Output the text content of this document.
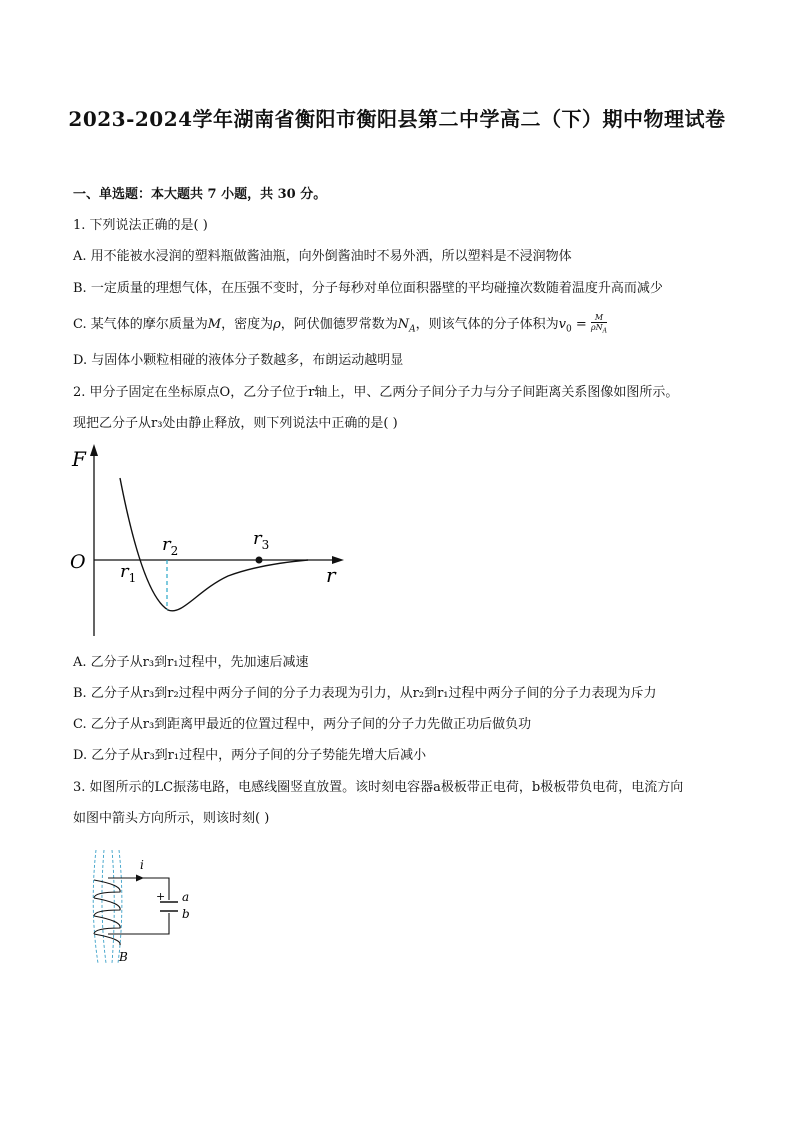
2023-2024学年湖南省衡阳市衡阳县第二中学高二（下）期中物理试卷
一、单选题：本大题共 7 小题，共 30 分。
1. 下列说法正确的是( )
A. 用不能被水浸润的塑料瓶做酱油瓶，向外倒酱油时不易外洒，所以塑料是不浸润物体
B. 一定质量的理想气体，在压强不变时，分子每秒对单位面积器壁的平均碰撞次数随着温度升高而减少
C. 某气体的摩尔质量为M，密度为ρ，阿伏伽德罗常数为$N_A$，则该气体的分子体积为$v_0 = \frac{M}{\rho N_A}$
D. 与固体小颗粒相碰的液体分子数越多，布朗运动越明显
2. 甲分子固定在坐标原点O，乙分子位于r轴上，甲、乙两分子间分子力与分子间距离关系图像如图所示。
现把乙分子从r₃处由静止释放，则下列说法中正确的是( )
F
O
r
$r_1$
$r_2$
$r_3$
A. 乙分子从r₃到r₁过程中，先加速后减速
B. 乙分子从r₃到r₂过程中两分子间的分子力表现为引力，从r₂到r₁过程中两分子间的分子力表现为斥力
C. 乙分子从r₃到距离甲最近的位置过程中，两分子间的分子力先做正功后做负功
D. 乙分子从r₃到r₁过程中，两分子间的分子势能先增大后减小
3. 如图所示的LC振荡电路，电感线圈竖直放置。该时刻电容器a极板带正电荷，b极板带负电荷，电流方向
如图中箭头方向所示，则该时刻( )
i
+ a
b
B
